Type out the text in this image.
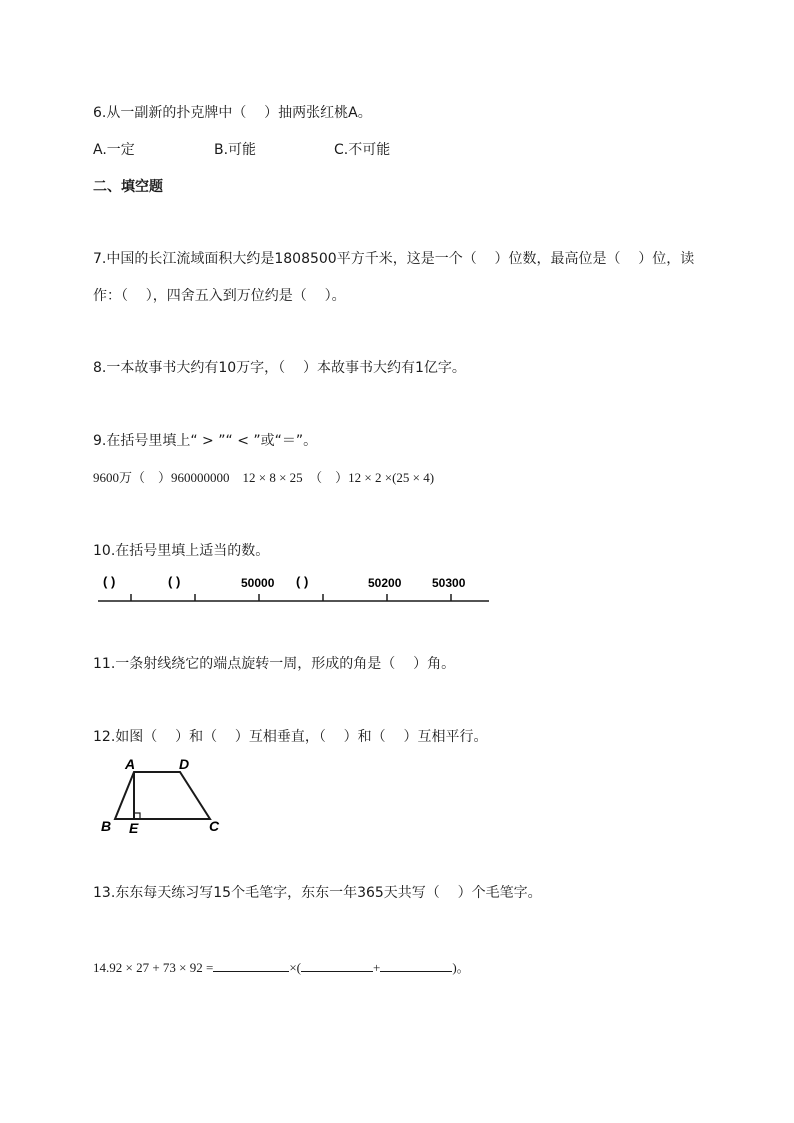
6.从一副新的扑克牌中（    ）抽两张红桃A。
A.一定	B.可能	C.不可能
二、填空题
7.中国的长江流域面积大约是1808500平方千米，这是一个（    ）位数，最高位是（    ）位，读
作：（    ），四舍五入到万位约是（    ）。
8.一本故事书大约有10万字，（    ）本故事书大约有1亿字。
9.在括号里填上“ > ”“ < ”或“＝”。
9600万（    ）960000000    12 × 8 × 25  （    ）12 × 2 ×(25 × 4)
10.在括号里填上适当的数。
( )	( )	50000 ( )	50200	50300
11.一条射线绕它的端点旋转一周，形成的角是（    ）角。
12.如图（    ）和（    ）互相垂直，（    ）和（    ）互相平行。
A	D
B E	C
13.东东每天练习写15个毛笔字，东东一年365天共写（    ）个毛笔字。
14.92 × 27 + 73 × 92 =	×(	+	)。
